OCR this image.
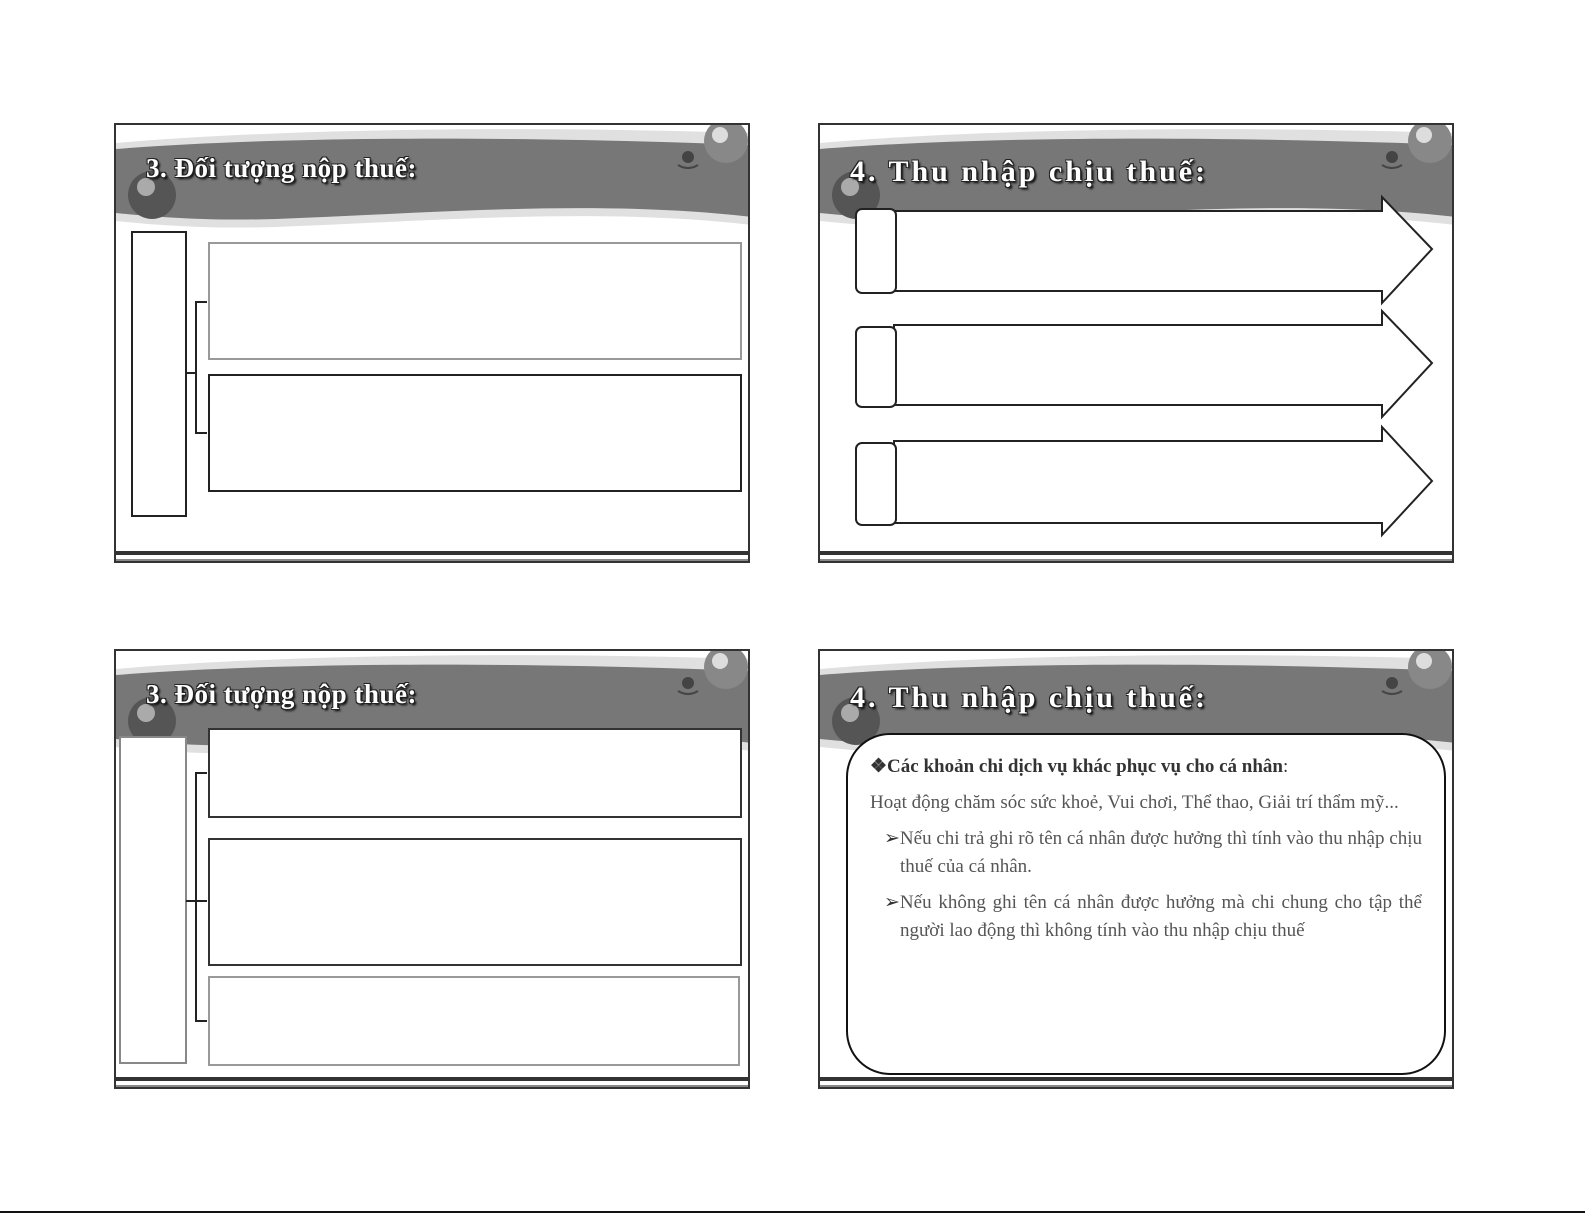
3. Đối tượng nộp thuế:	4. Thu nhập chịu thuế:
3. Đối tượng nộp thuế:	4. Thu nhập chịu thuế:

❖Các khoản chi dịch vụ khác phục vụ cho cá nhân:

Hoạt động chăm sóc sức khoẻ, Vui chơi, Thể thao, Giải trí thẩm mỹ...

➢Nếu chi trả ghi rõ tên cá nhân được hưởng thì tính vào thu nhập chịu thuế của cá nhân.

➢Nếu không ghi tên cá nhân được hưởng mà chi chung cho tập thể người lao động thì không tính vào thu nhập chịu thuế
